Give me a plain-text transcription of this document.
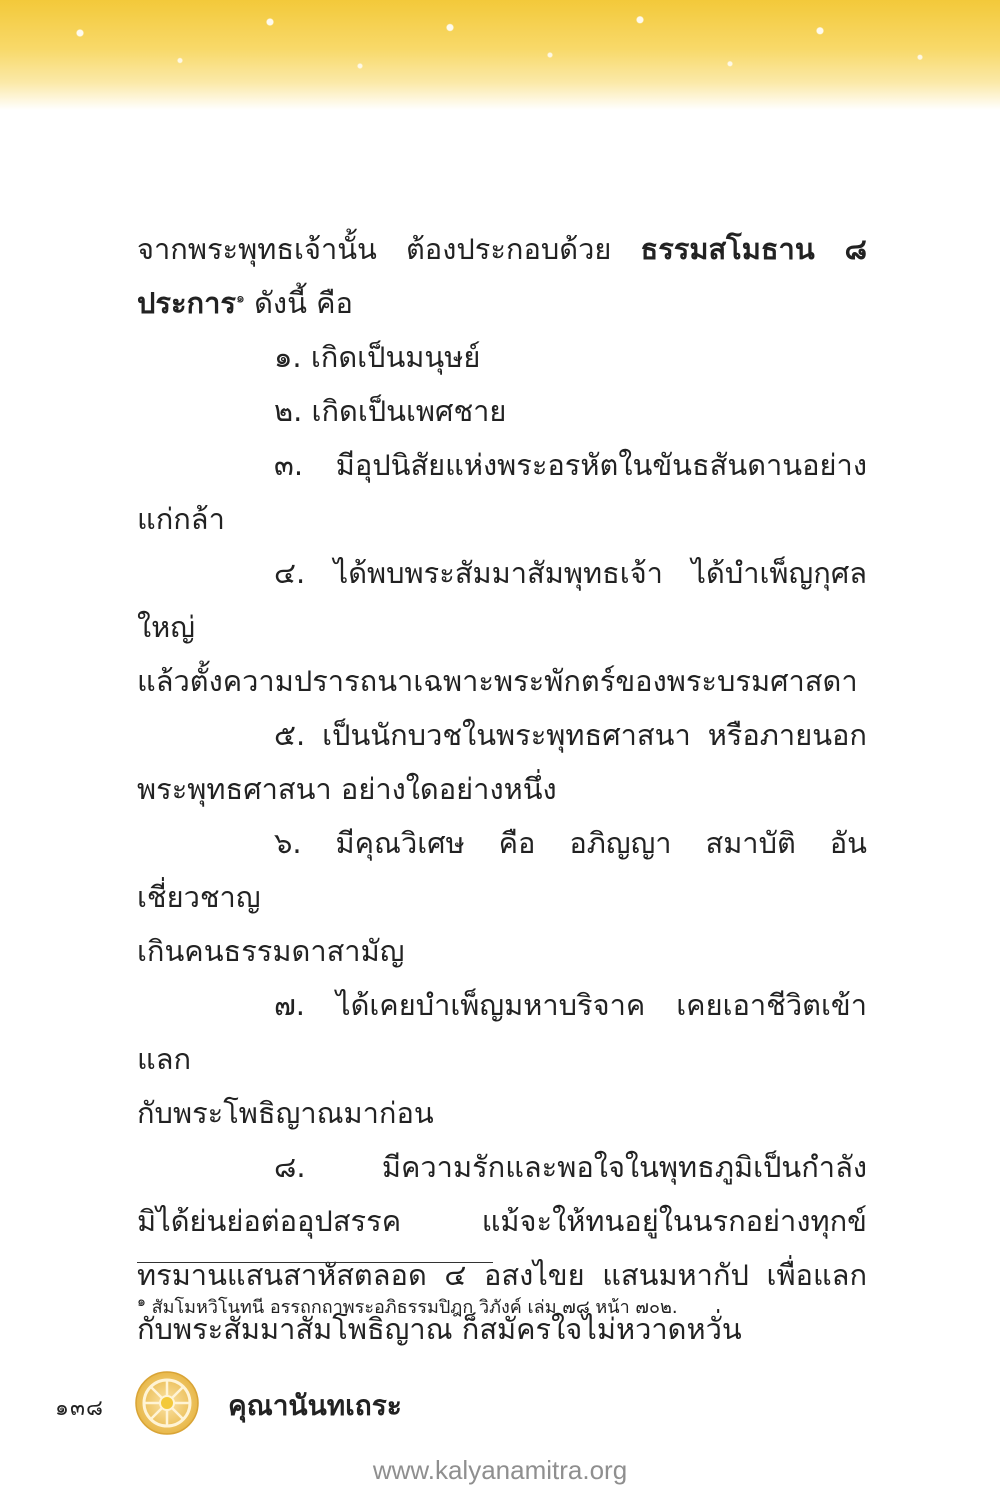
จากพระพุทธเจ้านั้น ต้องประกอบด้วย ธรรมสโมธาน ๘

ประการ$^๑$ ดังนี้ คือ

๑. เกิดเป็นมนุษย์

๒. เกิดเป็นเพศชาย

๓. มีอุปนิสัยแห่งพระอรหัตในขันธสันดานอย่าง

แก่กล้า

๔. ได้พบพระสัมมาสัมพุทธเจ้า ได้บำเพ็ญกุศลใหญ่

แล้วตั้งความปรารถนาเฉพาะพระพักตร์ของพระบรมศาสดา

๕. เป็นนักบวชในพระพุทธศาสนา หรือภายนอก

พระพุทธศาสนา อย่างใดอย่างหนึ่ง

๖. มีคุณวิเศษ คือ อภิญญา สมาบัติ อันเชี่ยวชาญ

เกินคนธรรมดาสามัญ

๗. ได้เคยบำเพ็ญมหาบริจาค เคยเอาชีวิตเข้าแลก

กับพระโพธิญาณมาก่อน

๘. มีความรักและพอใจในพุทธภูมิเป็นกำลัง

มิได้ย่นย่อต่ออุปสรรค แม้จะให้ทนอยู่ในนรกอย่างทุกข์

ทรมานแสนสาหัสตลอด ๔ อสงไขย แสนมหากัป เพื่อแลก

กับพระสัมมาสัมโพธิญาณ ก็สมัครใจไม่หวาดหวั่น

$^๑$ สัมโมหวิโนทนี อรรถกถาพระอภิธรรมปิฎก วิภังค์ เล่ม ๗๘ หน้า ๗๐๒.
๑๓๘	คุณานันทเถระ
www.kalyanamitra.org
